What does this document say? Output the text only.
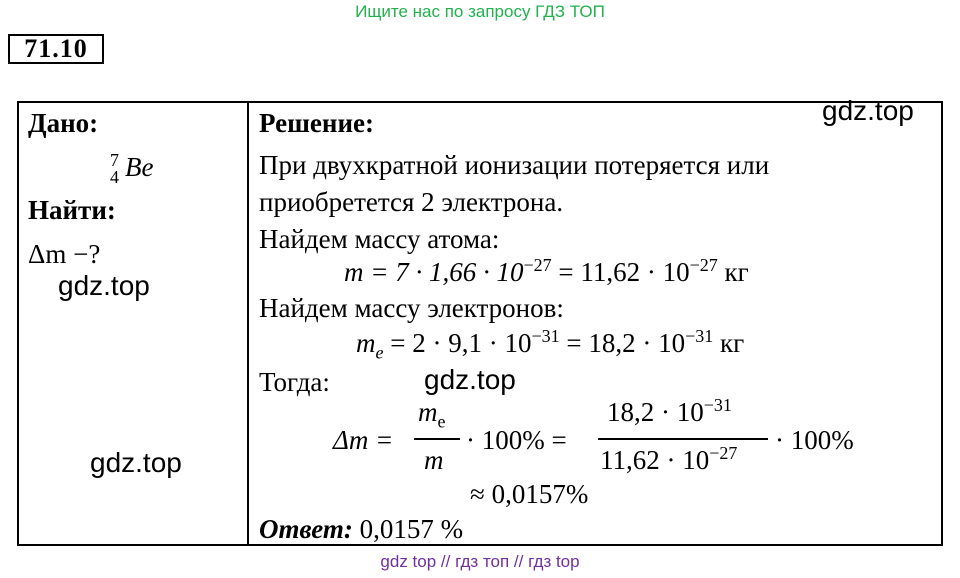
Ищите нас по запросу ГДЗ ТОП
71.10
Дано:
7
4 Be
Найти:
Δm −?
Решение:
При двухкратной ионизации потеряется или
приобретется 2 электрона.
Найдем массу атома:
$m = 7 \cdot 1,66 \cdot 10^{-27} = 11,62 \cdot 10^{-27}$ кг
Найдем массу электронов:
$m_e = 2 \cdot 9,1 \cdot 10^{-31} = 18,2 \cdot 10^{-31}$ кг
Тогда:
Δm =
$m_e$
m
· 100% =
$18,2 \cdot 10^{-31}$
$11,62 \cdot 10^{-27} \cdot 100\%$
≈ 0,0157%
Ответ: 0,0157 %
gdz.top
gdz.top
gdz.top
gdz.top
gdz top // гдз топ // гдз top
